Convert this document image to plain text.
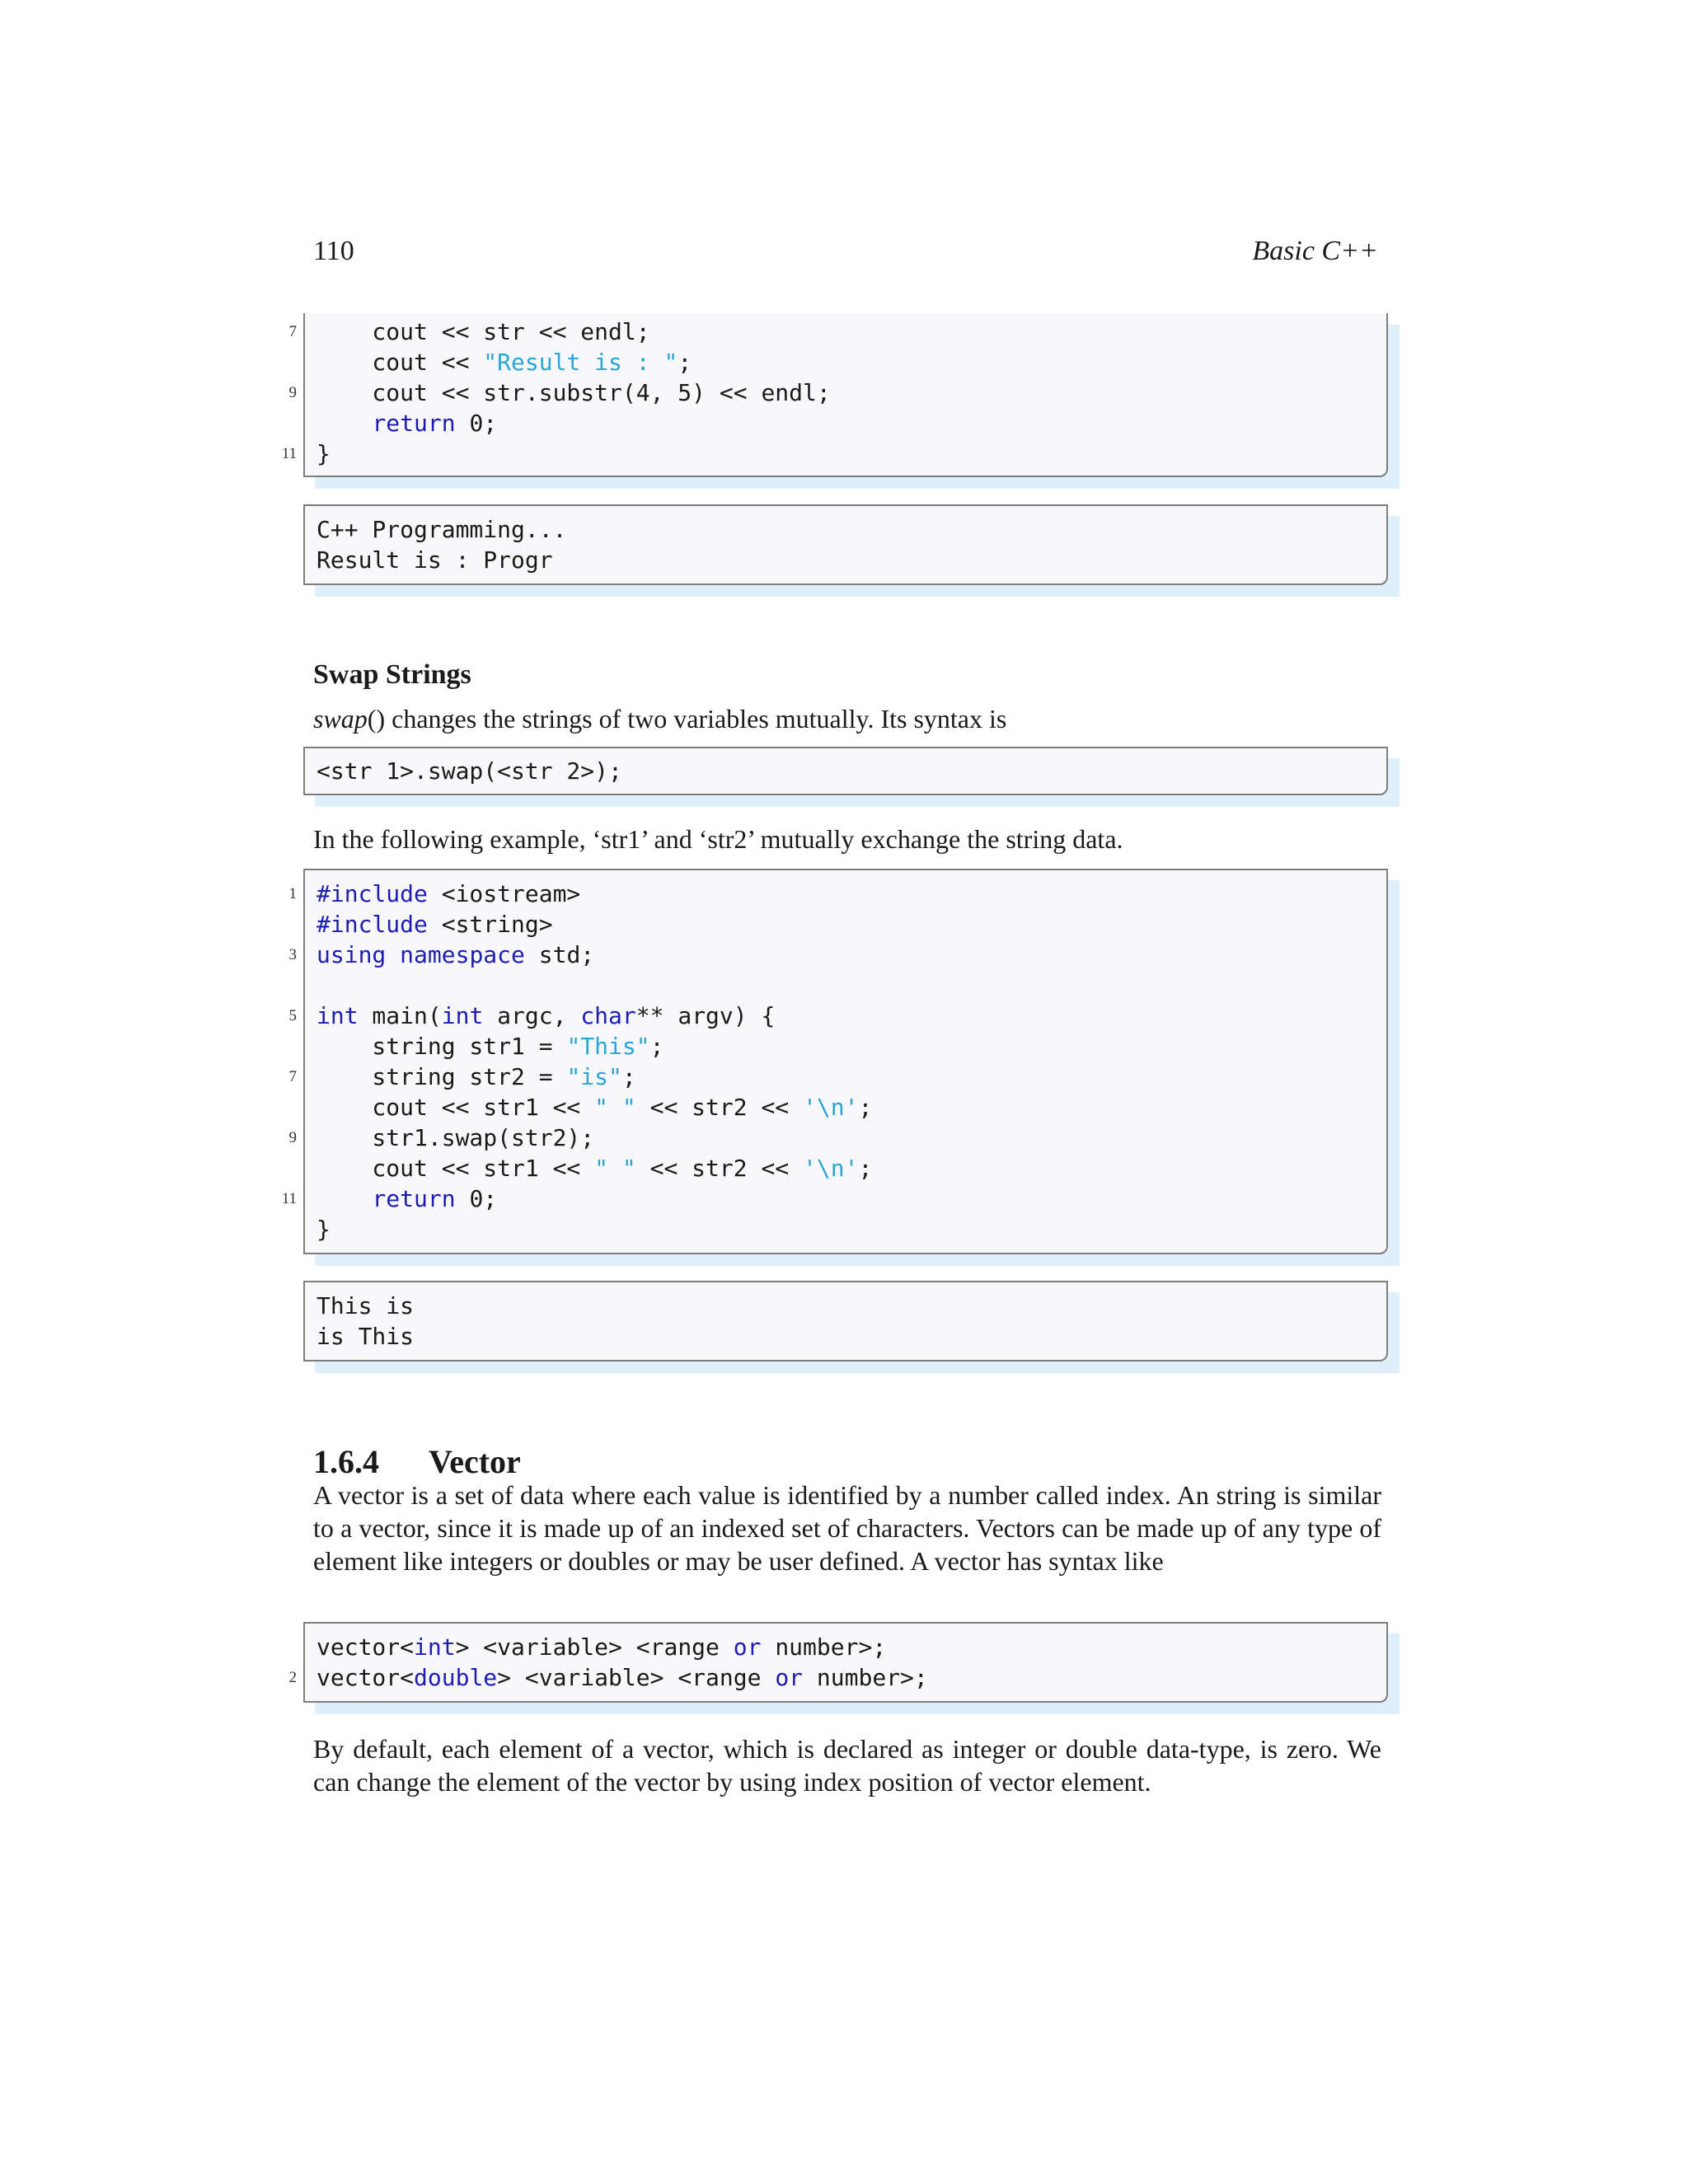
110	Basic C++
7 cout << str << endl;
cout << "Result is : ";
9 cout << str.substr(4, 5) << endl;
return 0;
11 }
C++ Programming...
Result is : Progr
Swap Strings
swap() changes the strings of two variables mutually. Its syntax is
<str 1>.swap(<str 2>);
In the following example, ‘str1’ and ‘str2’ mutually exchange the string data.
1 #include <iostream>
#include <string>
3 using namespace std;
5 int main(int argc, char** argv) {
string str1 = "This";
7 string str2 = "is";
cout << str1 << " " << str2 << '\n';
9 str1.swap(str2);
cout << str1 << " " << str2 << '\n';
11	return 0;
}
This is
is This
1.6.4 Vector
A vector is a set of data where each value is identified by a number called index. An string is similar to a vector, since it is made up of an indexed set of characters. Vectors can be made up of any type of element like integers or doubles or may be user defined. A vector has syntax like
vector<int> <variable> <range or number>;
2 vector<double> <variable> <range or number>;
By default, each element of a vector, which is declared as integer or double data-type, is zero. We can change the element of the vector by using index position of vector element.
